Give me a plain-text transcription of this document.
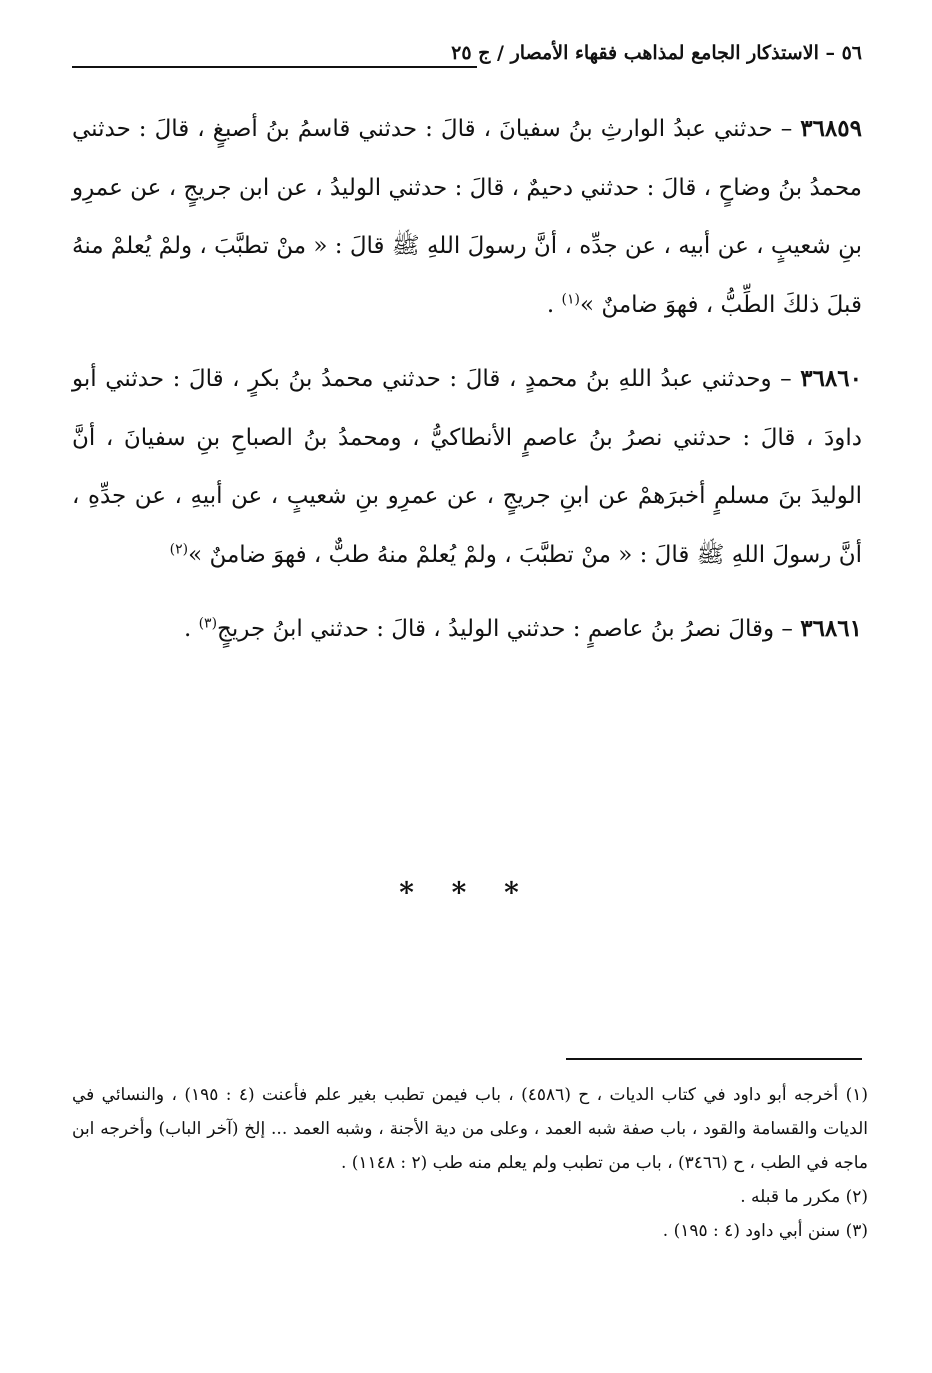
٥٦ – الاستذكار الجامع لمذاهب فقهاء الأمصار / ج ٢٥

٣٦٨٥٩ – حدثني عبدُ الوارثِ بنُ سفيانَ ، قالَ : حدثني قاسمُ بنُ أصبغٍ ، قالَ : حدثني محمدُ بنُ وضاحٍ ، قالَ : حدثني دحيمٌ ، قالَ : حدثني الوليدُ ، عن ابن جريجٍ ، عن عمرِو بنِ شعيبٍ ، عن أبيه ، عن جدِّه ، أنَّ رسولَ اللهِ ﷺ قالَ : « منْ تطبَّبَ ، ولمْ يُعلمْ منهُ قبلَ ذلكَ الطِّبُّ ، فهوَ ضامنٌ »$^{(١)}$ .

٣٦٨٦٠ – وحدثني عبدُ اللهِ بنُ محمدٍ ، قالَ : حدثني محمدُ بنُ بكرٍ ، قالَ : حدثني أبو داودَ ، قالَ : حدثني نصرُ بنُ عاصمٍ الأنطاكيُّ ، ومحمدُ بنُ الصباحِ بنِ سفيانَ ، أنَّ الوليدَ بنَ مسلمٍ أخبرَهمْ عن ابنِ جريجٍ ، عن عمرِو بنِ شعيبٍ ، عن أبيهِ ، عن جدِّهِ ، أنَّ رسولَ اللهِ ﷺ قالَ : « منْ تطبَّبَ ، ولمْ يُعلمْ منهُ طبٌّ ، فهوَ ضامنٌ »$^{(٢)}$

٣٦٨٦١ – وقالَ نصرُ بنُ عاصمٍ : حدثني الوليدُ ، قالَ : حدثني ابنُ جريجٍ$^{(٣)}$ .

* * *

(١) أخرجه أبو داود في كتاب الديات ، ح (٤٥٨٦) ، باب فيمن تطبب بغير علم فأعنت (٤ : ١٩٥) ، والنسائي في الديات والقسامة والقود ، باب صفة شبه العمد ، وعلى من دية الأجنة ، وشبه العمد ... إلخ (آخر الباب) وأخرجه ابن ماجه في الطب ، ح (٣٤٦٦) ، باب من تطبب ولم يعلم منه طب (٢ : ١١٤٨) .

(٢) مكرر ما قبله .

(٣) سنن أبي داود (٤ : ١٩٥) .
